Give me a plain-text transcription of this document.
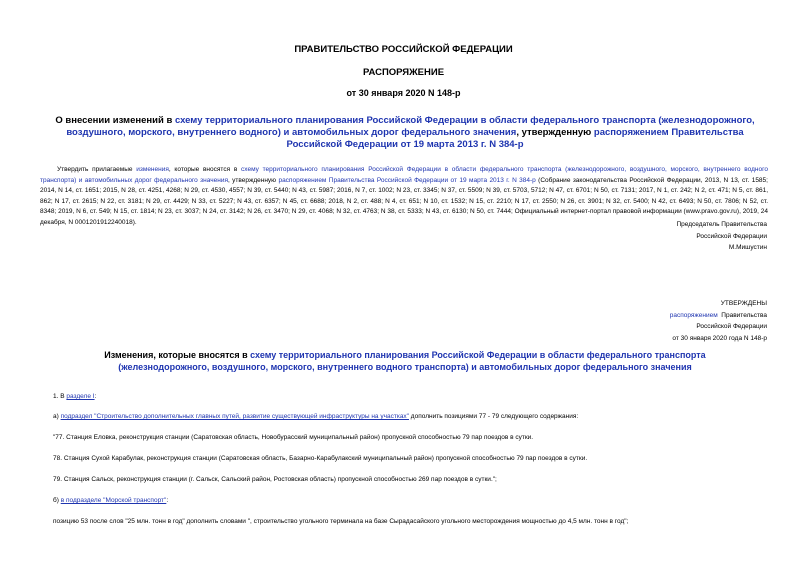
ПРАВИТЕЛЬСТВО РОССИЙСКОЙ ФЕДЕРАЦИИ
РАСПОРЯЖЕНИЕ
от 30 января 2020 N 148-р
О внесении изменений в схему территориального планирования Российской Федерации в области федерального транспорта (железнодорожного, воздушного, морского, внутреннего водного) и автомобильных дорог федерального значения, утвержденную распоряжением Правительства Российской Федерации от 19 марта 2013 г. N 384-р
Утвердить прилагаемые изменения, которые вносятся в схему территориального планирования Российской Федерации в области федерального транспорта (железнодорожного, воздушного, морского, внутреннего водного транспорта) и автомобильных дорог федерального значения, утвержденную распоряжением Правительства Российской Федерации от 19 марта 2013 г. N 384-р (Собрание законодательства Российской Федерации, 2013, N 13, ст. 1585; 2014, N 14, ст. 1651; 2015, N 28, ст. 4251, 4268; N 29, ст. 4530, 4557; N 39, ст. 5440; N 43, ст. 5987; 2016, N 7, ст. 1002; N 23, ст. 3345; N 37, ст. 5509; N 39, ст. 5703, 5712; N 47, ст. 6701; N 50, ст. 7131; 2017, N 1, ст. 242; N 2, ст. 471; N 5, ст. 861, 862; N 17, ст. 2615; N 22, ст. 3181; N 29, ст. 4429; N 33, ст. 5227; N 43, ст. 6357; N 45, ст. 6688; 2018, N 2, ст. 488; N 4, ст. 651; N 10, ст. 1532; N 15, ст. 2210; N 17, ст. 2550; N 26, ст. 3901; N 32, ст. 5400; N 42, ст. 6493; N 50, ст. 7806; N 52, ст. 8348; 2019, N 6, ст. 549; N 15, ст. 1814; N 23, ст. 3037; N 24, ст. 3142; N 26, ст. 3470; N 29, ст. 4068; N 32, ст. 4763; N 38, ст. 5333; N 43, ст. 6130; N 50, ст. 7444; Официальный интернет-портал правовой информации (www.pravo.gov.ru), 2019, 24 декабря, N 0001201912240018).	Председатель Правительства
Российской Федерации
М.Мишустин
УТВЕРЖДЕНЫ
распоряжением  Правительства
Российской Федерации
от 30 января 2020 года N 148-р
Изменения, которые вносятся в схему территориального планирования Российской Федерации в области федерального транспорта (железнодорожного, воздушного, морского, внутреннего водного транспорта) и автомобильных дорог федерального значения
1. В разделе I:
а) подраздел "Строительство дополнительных главных путей, развитие существующей инфраструктуры на участках" дополнить позициями 77 - 79 следующего содержания:
"77. Станция Еловка, реконструкция станции (Саратовская область, Новобурасский муниципальный район) пропускной способностью 79 пар поездов в сутки.
78. Станция Сухой Карабулак, реконструкция станции (Саратовская область, Базарно-Карабулакский муниципальный район) пропускной способностью 79 пар поездов в сутки.
79. Станция Сальск, реконструкция станции (г. Сальск, Сальский район, Ростовская область) пропускной способностью 269 пар поездов в сутки.";
б) в подразделе "Морской транспорт":
позицию 53 после слов "25 млн. тонн в год" дополнить словами ", строительство угольного терминала на базе Сырадасайского угольного месторождения мощностью до 4,5 млн. тонн в год";
